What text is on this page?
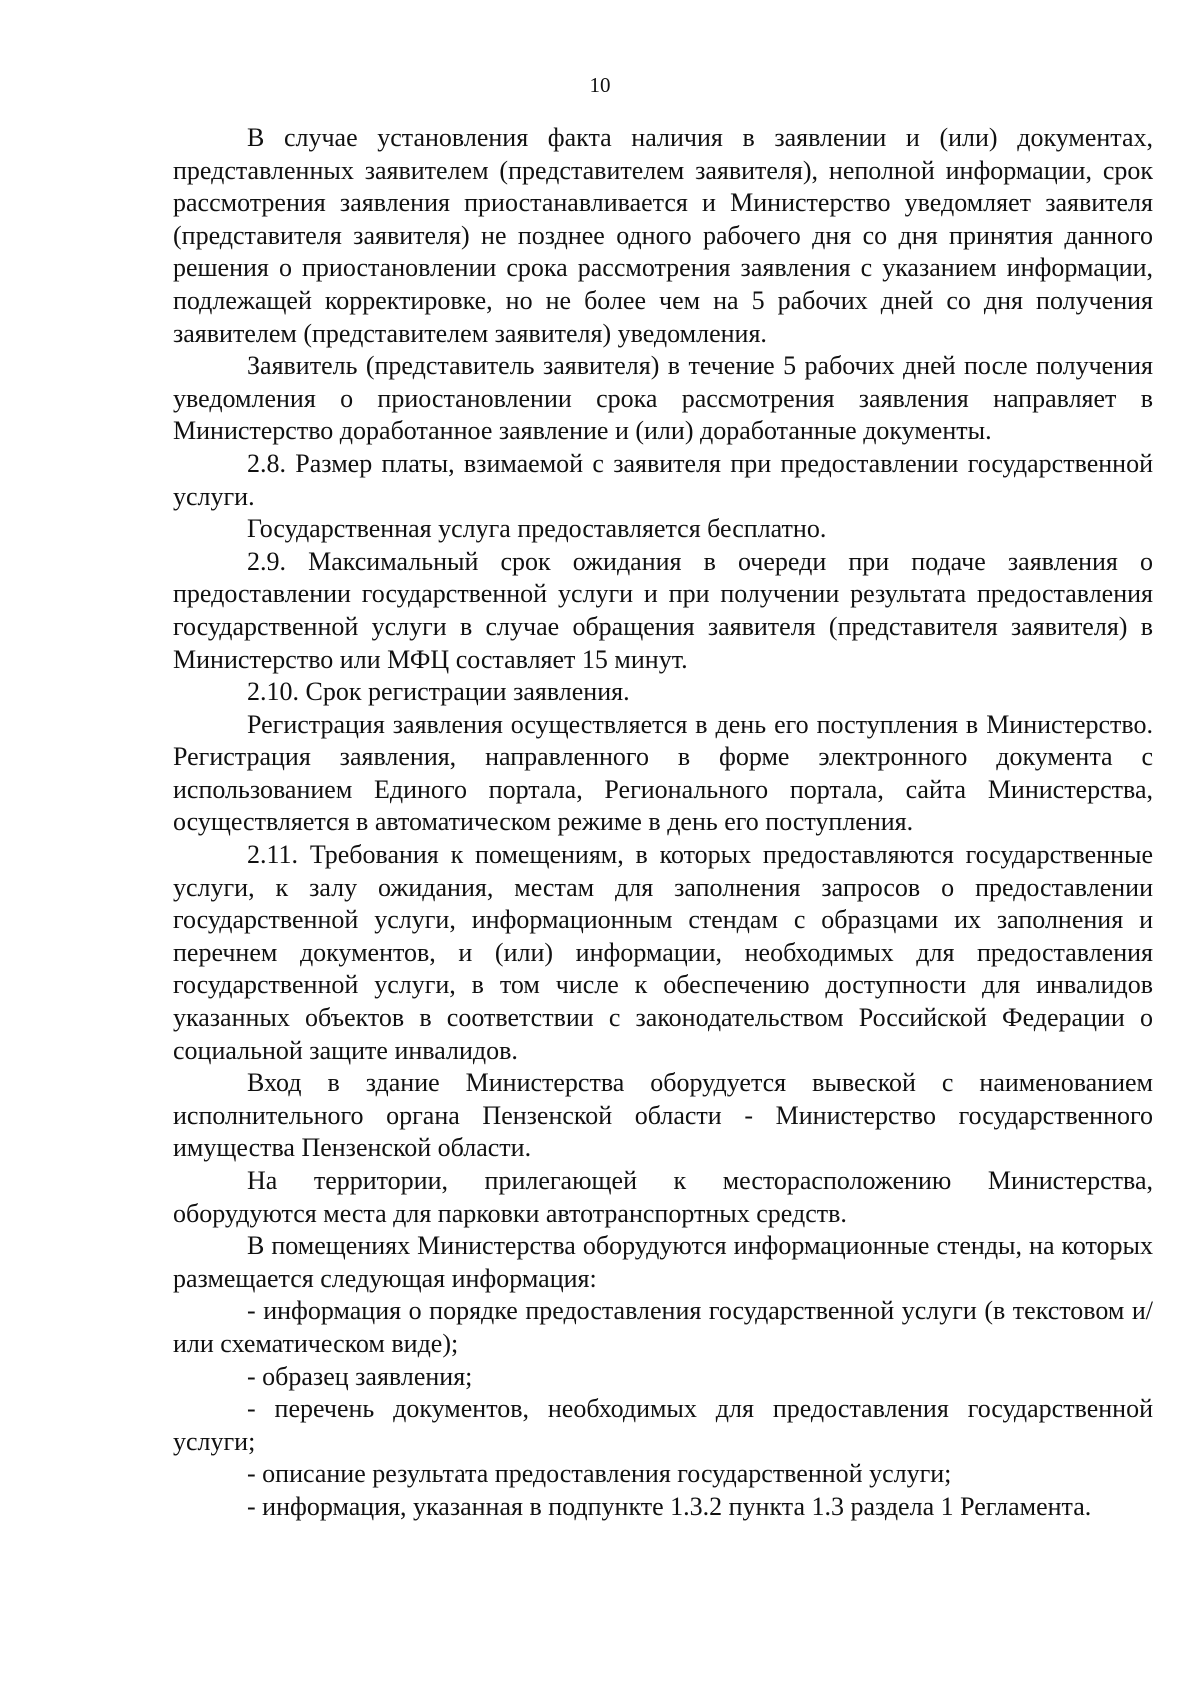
10

В случае установления факта наличия в заявлении и (или) документах, представленных заявителем (представителем заявителя), неполной информации, срок рассмотрения заявления приостанавливается и Министерство уведомляет заявителя (представителя заявителя) не позднее одного рабочего дня со дня принятия данного решения о приостановлении срока рассмотрения заявления с указанием информации, подлежащей корректировке, но не более чем на 5 рабочих дней со дня получения заявителем (представителем заявителя) уведомления.

Заявитель (представитель заявителя) в течение 5 рабочих дней после получения уведомления о приостановлении срока рассмотрения заявления направляет в Министерство доработанное заявление и (или) доработанные документы.

2.8. Размер платы, взимаемой с заявителя при предоставлении государственной услуги.

Государственная услуга предоставляется бесплатно.

2.9. Максимальный срок ожидания в очереди при подаче заявления о предоставлении государственной услуги и при получении результата предоставления государственной услуги в случае обращения заявителя (представителя заявителя) в Министерство или МФЦ составляет 15 минут.

2.10. Срок регистрации заявления.

Регистрация заявления осуществляется в день его поступления в Министерство. Регистрация заявления, направленного в форме электронного документа с использованием Единого портала, Регионального портала, сайта Министерства, осуществляется в автоматическом режиме в день его поступления.

2.11. Требования к помещениям, в которых предоставляются государственные услуги, к залу ожидания, местам для заполнения запросов о предоставлении государственной услуги, информационным стендам с образцами их заполнения и перечнем документов, и (или) информации, необходимых для предоставления государственной услуги, в том числе к обеспечению доступности для инвалидов указанных объектов в соответствии с законодательством Российской Федерации о социальной защите инвалидов.

Вход в здание Министерства оборудуется вывеской с наименованием исполнительного органа Пензенской области - Министерство государственного имущества Пензенской области.

На территории, прилегающей к месторасположению Министерства, оборудуются места для парковки автотранспортных средств.

В помещениях Министерства оборудуются информационные стенды, на которых размещается следующая информация:

- информация о порядке предоставления государственной услуги (в текстовом и/или схематическом виде);

- образец заявления;

- перечень документов, необходимых для предоставления государственной услуги;

- описание результата предоставления государственной услуги;

- информация, указанная в подпункте 1.3.2 пункта 1.3 раздела 1 Регламента.
